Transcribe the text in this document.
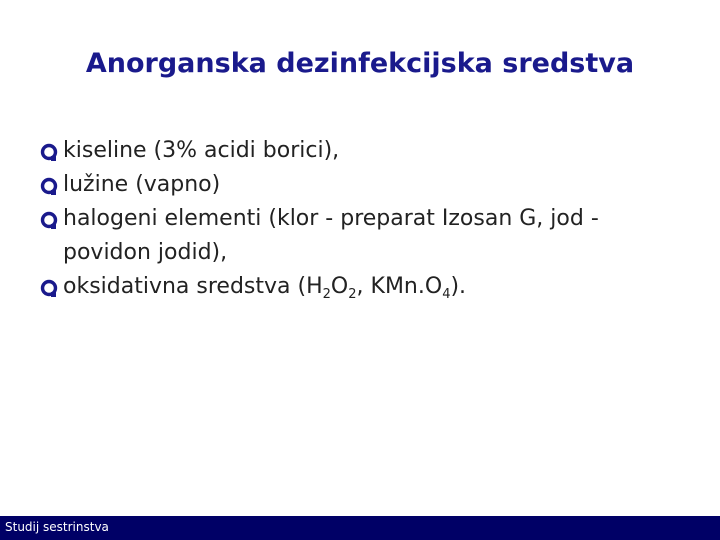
Anorganska dezinfekcijska sredstva
kiseline (3% acidi borici),
lužine (vapno)
halogeni elementi (klor - preparat Izosan G, jod - povidon jodid),
oksidativna sredstva ($H_2O_2$, $KMn.O_4$).
Studij sestrinstva
